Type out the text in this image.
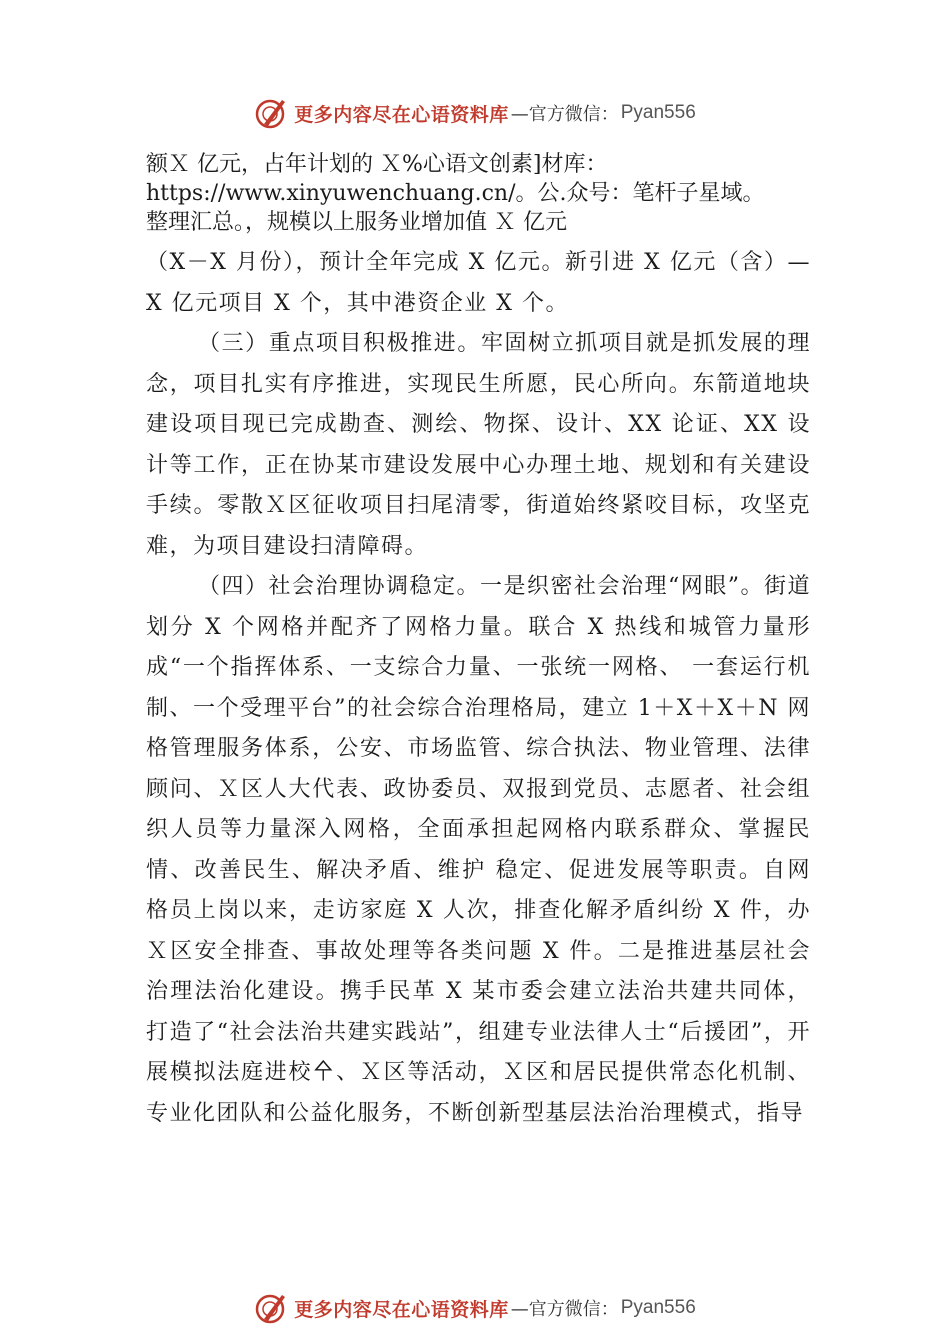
更多内容尽在心语资料库 —官方微信： Pyan556
额Ｘ 亿元，占年计划的 Ｘ%心语文创素]材库：
https://www.xinyuwenchuang.cn/。公.众号：笔杆子星域。
整理汇总。，规模以上服务业增加值 Ｘ 亿元

（X－X 月份），预计全年完成 X 亿元。新引进 X 亿元（含）—X 亿元项目 X 个，其中港资企业 X 个。

（三）重点项目积极推进。牢固树立抓项目就是抓发展的理念，项目扎实有序推进，实现民生所愿，民心所向。东箭道地块建设项目现已完成勘查、测绘、物探、设计、XX 论证、XX 设计等工作，正在协某市建设发展中心办理土地、规划和有关建设手续。零散Ｘ区征收项目扫尾清零，街道始终紧咬目标，攻坚克难，为项目建设扫清障碍。

（四）社会治理协调稳定。一是织密社会治理“网眼”。街道划分 X 个网格并配齐了网格力量。联合 X 热线和城管力量形成“一个指挥体系、一支综合力量、一张统一网格、 一套运行机制、一个受理平台”的社会综合治理格局，建立 1＋X＋X＋N 网格管理服务体系，公安、市场监管、综合执法、物业管理、法律顾问、Ｘ区人大代表、政协委员、双报到党员、志愿者、社会组织人员等力量深入网格，全面承担起网格内联系群众、掌握民情、改善民生、解决矛盾、维护 稳定、促进发展等职责。自网格员上岗以来，走访家庭 X 人次，排查化解矛盾纠纷 X 件，办Ｘ区安全排查、事故处理等各类问题 X 件。二是推进基层社会治理法治化建设。携手民革 X 某市委会建立法治共建共同体，打造了“社会法治共建实践站”，组建专业法律人士“后援团”，开展模拟法庭进校㐃、Ｘ区等活动，Ｘ区和居民提供常态化机制、专业化团队和公益化服务，不断创新型基层法治治理模式，指导

更多内容尽在心语资料库 —官方微信： Pyan556
